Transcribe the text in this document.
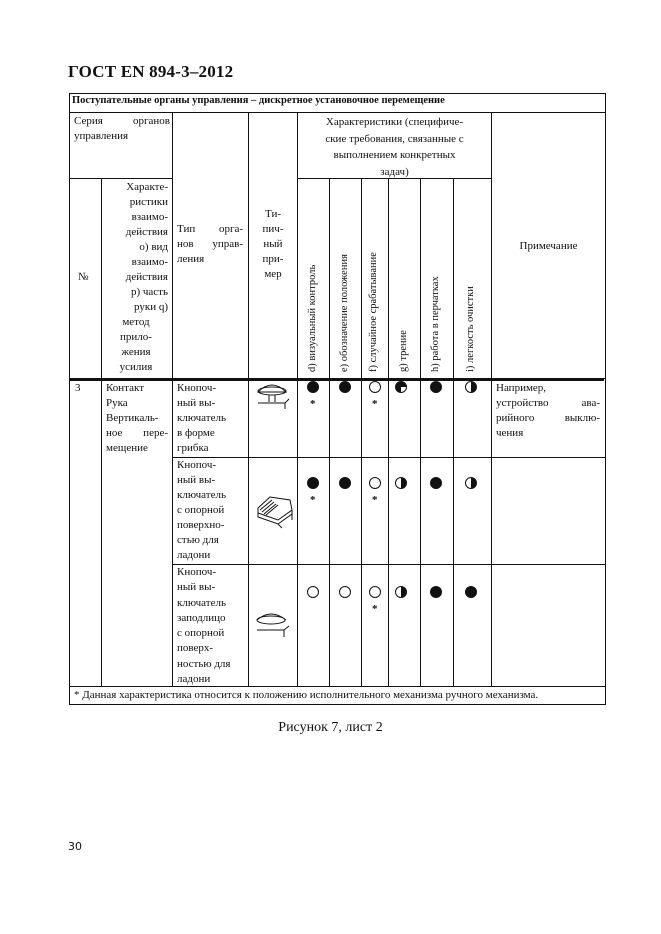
ГОСТ EN 894-3–2012
Поступательные органы управления – дискретное установочное перемещение
Серия органов
управления
№
Характе-
ристики
взаимо-
действия
о) вид
взаимо-
действия
р) часть
руки q)
метод
прило-
жения
усилия
Тип орга-
нов управ-
ления
Ти-
пич-
ный
при-
мер
Характеристики (специфиче-
ские требования, связанные с
выполнением конкретных
задач)
d) визуальный контроль e) обозначение положения f) случайное срабатывание g) трение h) работа в перчатках i) легкость очистки
Примечание
3 Контакт
Рука
Вертикаль-
ное пере-
мещение
Кнопоч-
ный вы-
ключатель
в форме
грибка
Например,
устройство ава-
рийного выклю-
чения
Кнопоч-
ный вы-
ключатель
с опорной
поверхно-
стью для
ладони
Кнопоч-
ный вы-
ключатель
заподлицо
с опорной
поверх-
ностью для
ладони
*	*
*	*
*
* Данная характеристика относится к положению исполнительного механизма ручного механизма.
Рисунок 7, лист 2
30
